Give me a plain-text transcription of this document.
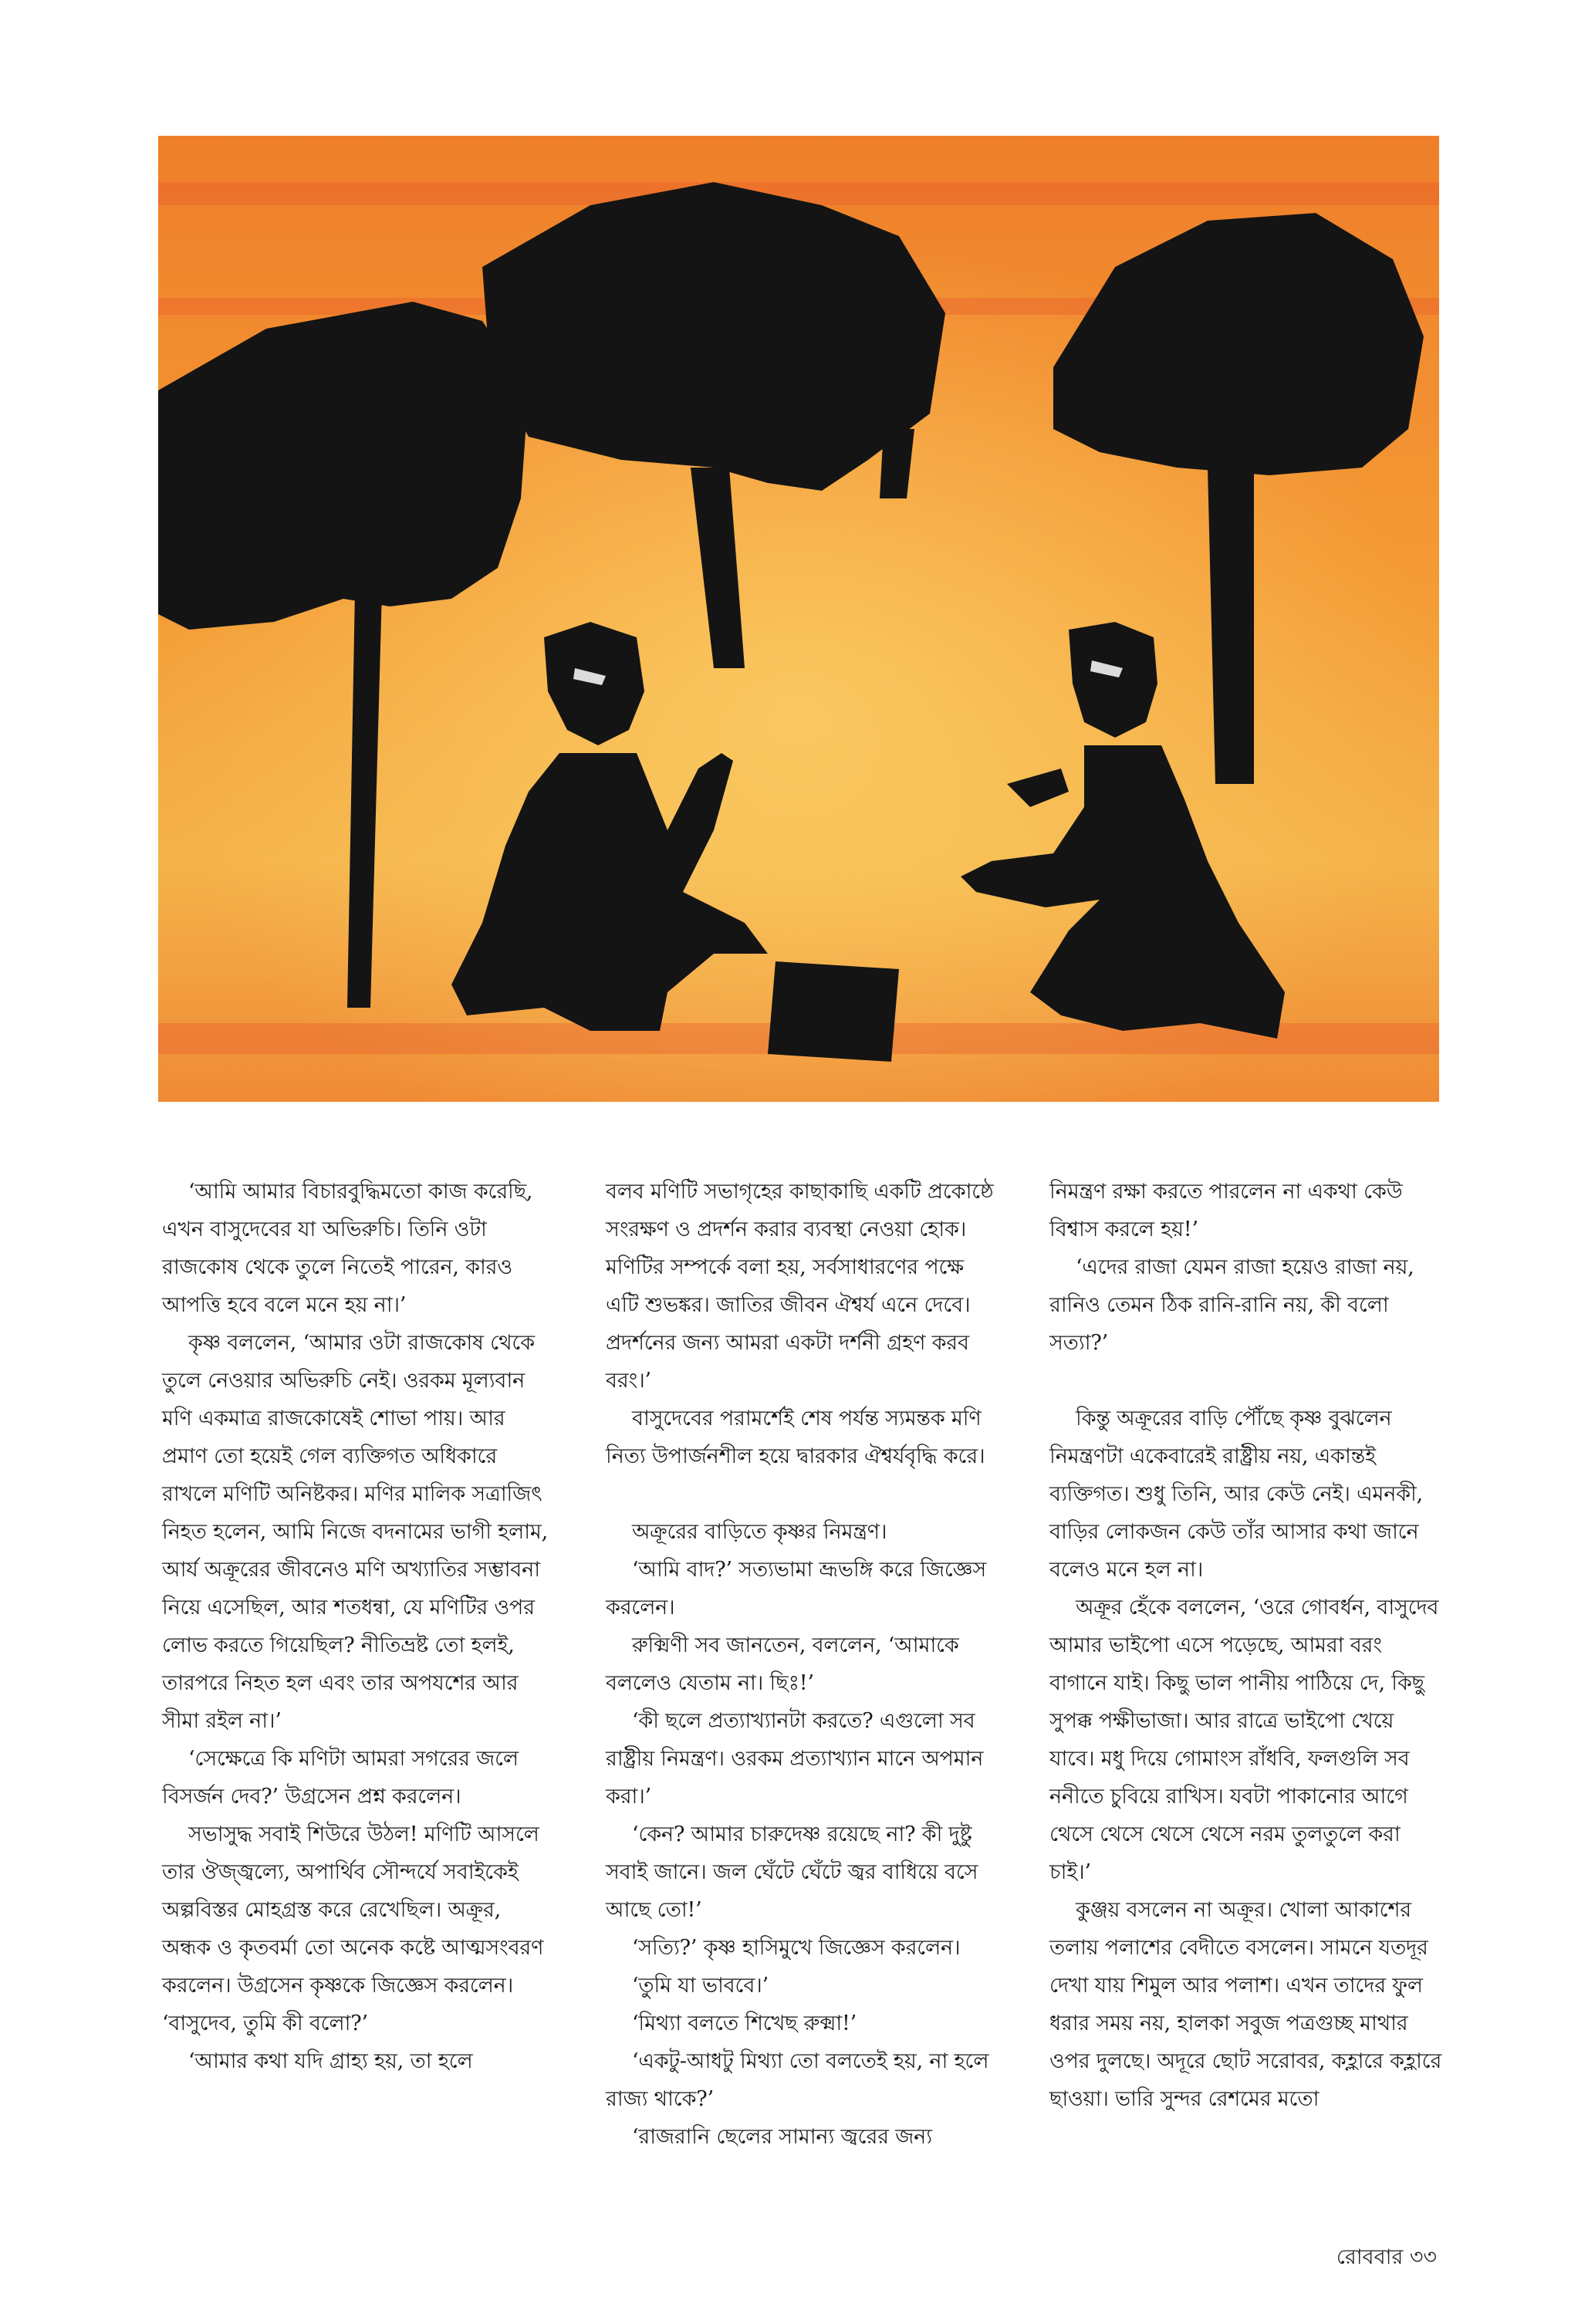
‘আমি আমার বিচারবুদ্ধিমতো কাজ করেছি, এখন বাসুদেবের যা অভিরুচি। তিনি ওটা রাজকোষ থেকে তুলে নিতেই পারেন, কারও আপত্তি হবে বলে মনে হয় না।’

কৃষ্ণ বললেন, ‘আমার ওটা রাজকোষ থেকে তুলে নেওয়ার অভিরুচি নেই। ওরকম মূল্যবান মণি একমাত্র রাজকোষেই শোভা পায়। আর প্রমাণ তো হয়েই গেল ব্যক্তিগত অধিকারে রাখলে মণিটি অনিষ্টকর। মণির মালিক সত্রাজিৎ নিহত হলেন, আমি নিজে বদনামের ভাগী হলাম, আর্য অক্রূরের জীবনেও মণি অখ্যাতির সম্ভাবনা নিয়ে এসেছিল, আর শতধন্বা, যে মণিটির ওপর লোভ করতে গিয়েছিল? নীতিভ্রষ্ট তো হলই, তারপরে নিহত হল এবং তার অপযশের আর সীমা রইল না।’

‘সেক্ষেত্রে কি মণিটা আমরা সগরের জলে বিসর্জন দেব?’ উগ্রসেন প্রশ্ন করলেন।

সভাসুদ্ধ সবাই শিউরে উঠল! মণিটি আসলে তার ঔজ্জ্বল্যে, অপার্থিব সৌন্দর্যে সবাইকেই অল্পবিস্তর মোহগ্রস্ত করে রেখেছিল। অক্রূর, অন্ধক ও কৃতবর্মা তো অনেক কষ্টে আত্মসংবরণ করলেন। উগ্রসেন কৃষ্ণকে জিজ্ঞেস করলেন। ‘বাসুদেব, তুমি কী বলো?’

‘আমার কথা যদি গ্রাহ্য হয়, তা হলে

বলব মণিটি সভাগৃহের কাছাকাছি একটি প্রকোষ্ঠে সংরক্ষণ ও প্রদর্শন করার ব্যবস্থা নেওয়া হোক। মণিটির সম্পর্কে বলা হয়, সর্বসাধারণের পক্ষে এটি শুভঙ্কর। জাতির জীবন ঐশ্বর্য এনে দেবে। প্রদর্শনের জন্য আমরা একটা দর্শনী গ্রহণ করব বরং।’

বাসুদেবের পরামর্শেই শেষ পর্যন্ত স্যমন্তক মণি নিত্য উপার্জনশীল হয়ে দ্বারকার ঐশ্বর্যবৃদ্ধি করে।

অক্রূরের বাড়িতে কৃষ্ণর নিমন্ত্রণ।

‘আমি বাদ?’ সত্যভামা ভ্রূভঙ্গি করে জিজ্ঞেস করলেন।

রুক্মিণী সব জানতেন, বললেন, ‘আমাকে বললেও যেতাম না। ছিঃ!’

‘কী ছলে প্রত্যাখ্যানটা করতে? এগুলো সব রাষ্ট্রীয় নিমন্ত্রণ। ওরকম প্রত্যাখ্যান মানে অপমান করা।’

‘কেন? আমার চারুদেষ্ণ রয়েছে না? কী দুষ্টু সবাই জানে। জল ঘেঁটে ঘেঁটে জ্বর বাধিয়ে বসে আছে তো!’

‘সত্যি?’ কৃষ্ণ হাসিমুখে জিজ্ঞেস করলেন।

‘তুমি যা ভাববে।’

‘মিথ্যা বলতে শিখেছ রুক্মা!’

‘একটু-আধটু মিথ্যা তো বলতেই হয়, না হলে রাজ্য থাকে?’

‘রাজরানি ছেলের সামান্য জ্বরের জন্য

নিমন্ত্রণ রক্ষা করতে পারলেন না একথা কেউ বিশ্বাস করলে হয়!’

‘এদের রাজা যেমন রাজা হয়েও রাজা নয়, রানিও তেমন ঠিক রানি-রানি নয়, কী বলো সত্যা?’

কিন্তু অক্রূরের বাড়ি পৌঁছে কৃষ্ণ বুঝলেন নিমন্ত্রণটা একেবারেই রাষ্ট্রীয় নয়, একান্তই ব্যক্তিগত। শুধু তিনি, আর কেউ নেই। এমনকী, বাড়ির লোকজন কেউ তাঁর আসার কথা জানে বলেও মনে হল না।

অক্রূর হেঁকে বললেন, ‘ওরে গোবর্ধন, বাসুদেব আমার ভাইপো এসে পড়েছে, আমরা বরং বাগানে যাই। কিছু ভাল পানীয় পাঠিয়ে দে, কিছু সুপক্ক পক্ষীভাজা। আর রাত্রে ভাইপো খেয়ে যাবে। মধু দিয়ে গোমাংস রাঁধবি, ফলগুলি সব ননীতে চুবিয়ে রাখিস। যবটা পাকানোর আগে থেসে থেসে থেসে থেসে নরম তুলতুলে করা চাই।’

কুঞ্জয় বসলেন না অক্রূর। খোলা আকাশের তলায় পলাশের বেদীতে বসলেন। সামনে যতদূর দেখা যায় শিমুল আর পলাশ। এখন তাদের ফুল ধরার সময় নয়, হালকা সবুজ পত্রগুচ্ছ মাথার ওপর দুলছে। অদূরে ছোট সরোবর, কহ্লারে কহ্লারে ছাওয়া। ভারি সুন্দর রেশমের মতো

রোববার ৩৩
